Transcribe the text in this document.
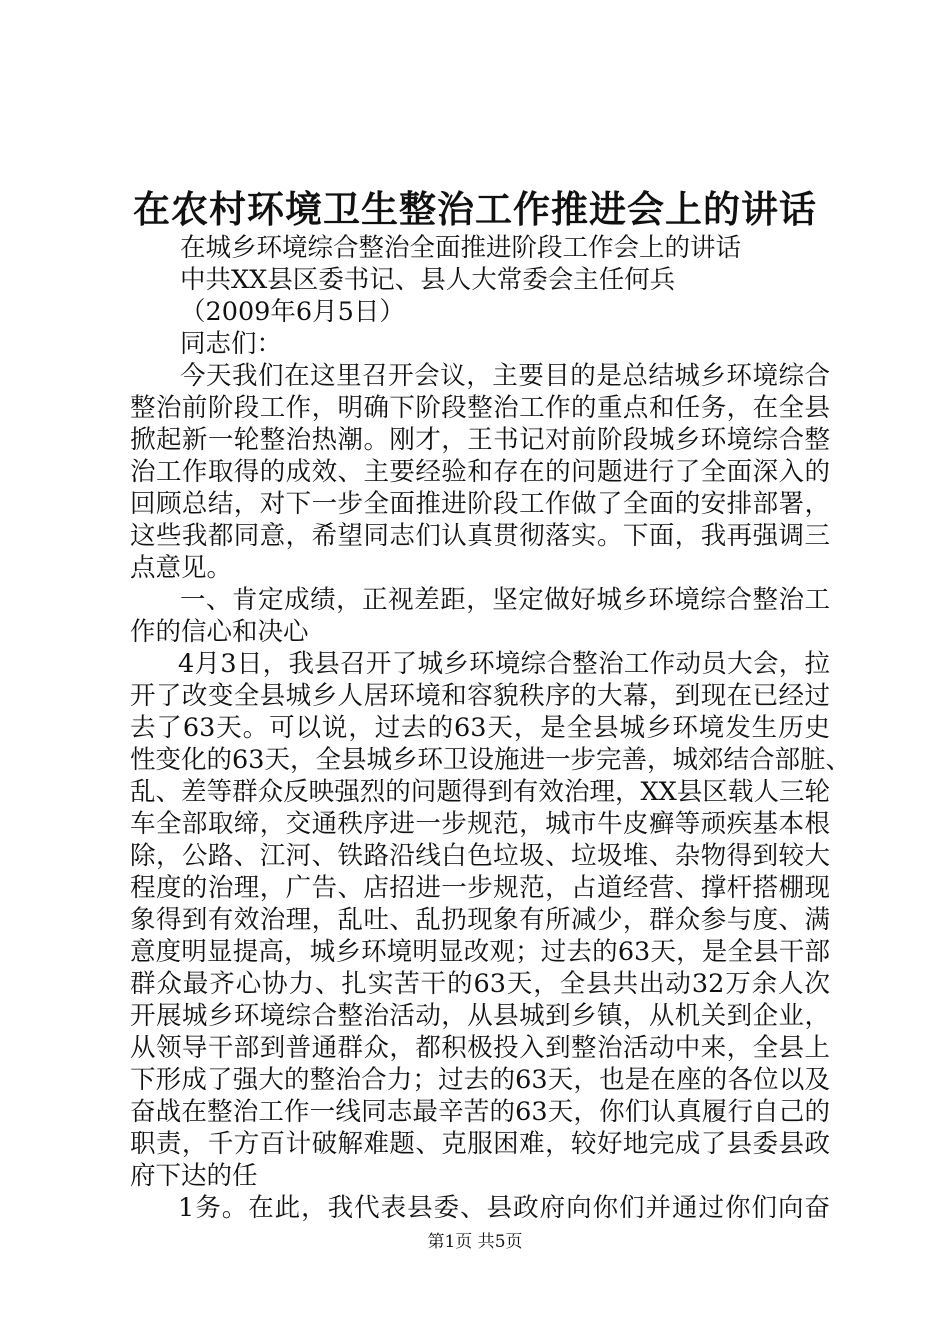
在农村环境卫生整治工作推进会上的讲话
在城乡环境综合整治全面推进阶段工作会上的讲话
中共XX县区委书记、县人大常委会主任何兵
（2009年6月5日）
同志们：
今天我们在这里召开会议，主要目的是总结城乡环境综合
整治前阶段工作，明确下阶段整治工作的重点和任务，在全县
掀起新一轮整治热潮。刚才，王书记对前阶段城乡环境综合整
治工作取得的成效、主要经验和存在的问题进行了全面深入的
回顾总结，对下一步全面推进阶段工作做了全面的安排部署，
这些我都同意，希望同志们认真贯彻落实。下面，我再强调三
点意见。
一、肯定成绩，正视差距，坚定做好城乡环境综合整治工
作的信心和决心
4月3日，我县召开了城乡环境综合整治工作动员大会，拉
开了改变全县城乡人居环境和容貌秩序的大幕，到现在已经过
去了63天。可以说，过去的63天，是全县城乡环境发生历史
性变化的63天，全县城乡环卫设施进一步完善，城郊结合部脏、
乱、差等群众反映强烈的问题得到有效治理，XX县区载人三轮
车全部取缔，交通秩序进一步规范，城市牛皮癣等顽疾基本根
除，公路、江河、铁路沿线白色垃圾、垃圾堆、杂物得到较大
程度的治理，广告、店招进一步规范，占道经营、撑杆搭棚现
象得到有效治理，乱吐、乱扔现象有所减少，群众参与度、满
意度明显提高，城乡环境明显改观；过去的63天，是全县干部
群众最齐心协力、扎实苦干的63天，全县共出动32万余人次
开展城乡环境综合整治活动，从县城到乡镇，从机关到企业，
从领导干部到普通群众，都积极投入到整治活动中来，全县上
下形成了强大的整治合力；过去的63天，也是在座的各位以及
奋战在整治工作一线同志最辛苦的63天，你们认真履行自己的
职责，千方百计破解难题、克服困难，较好地完成了县委县政
府下达的任
1务。在此，我代表县委、县政府向你们并通过你们向奋
第1页 共5页
